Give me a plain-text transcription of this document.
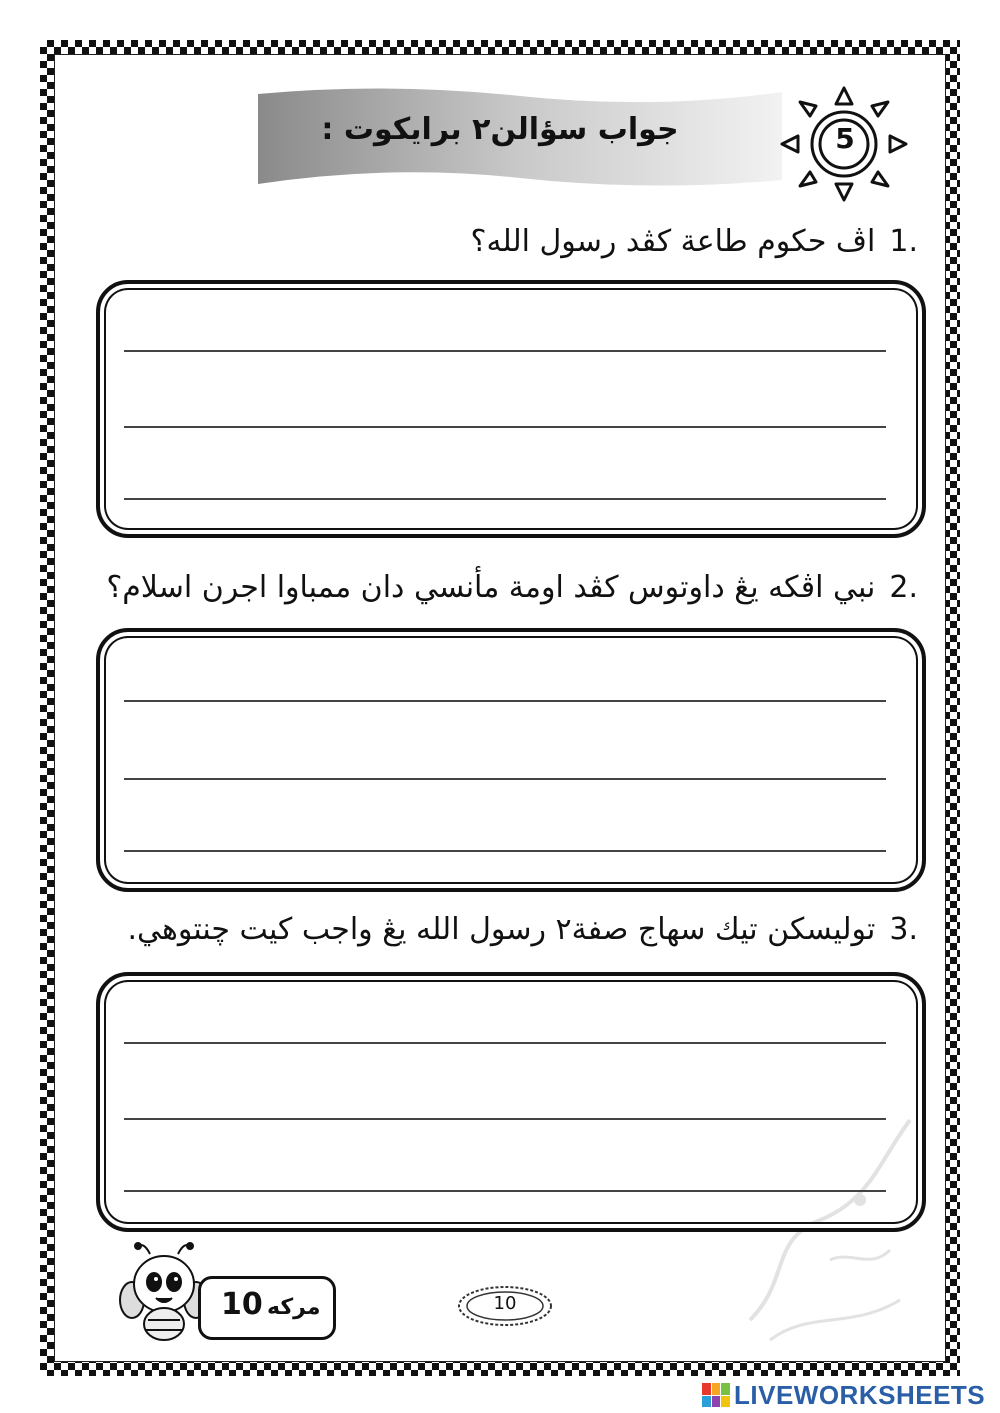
جواب سؤالن٢ برايكوت :	5
1.اڤ حكوم طاعة كڤد رسول الله؟
2.نبي اڤكه يڠ داوتوس كڤد اومة مأنسي دان ممباوا اجرن اسلام؟
3.توليسكن تيك سهاج صفة٢ رسول الله يڠ واجب كيت چنتوهي.
10 مركه	10
LIVEWORKSHEETS
